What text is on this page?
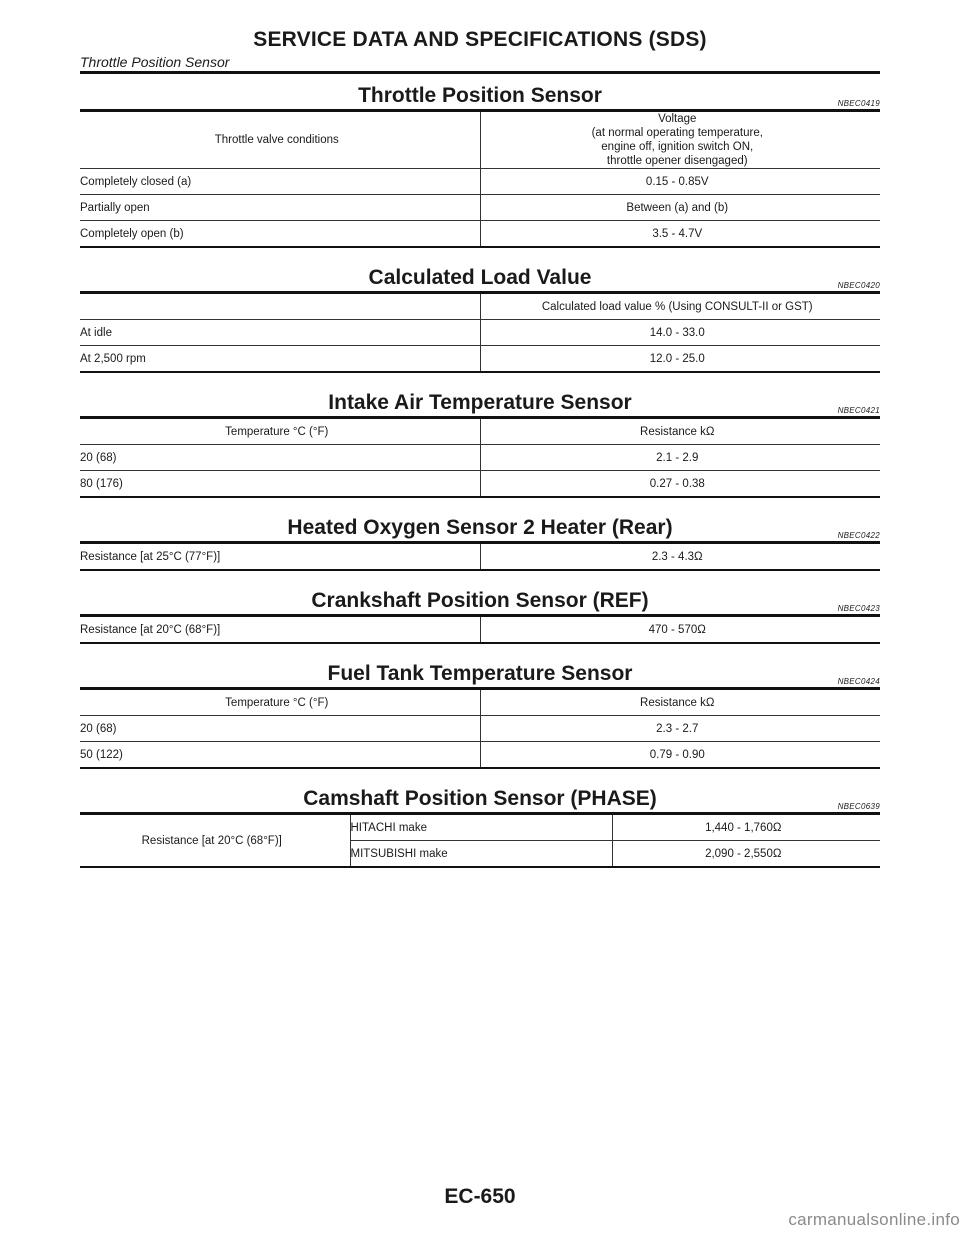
SERVICE DATA AND SPECIFICATIONS (SDS)
Throttle Position Sensor
Throttle Position Sensor	NBEC0419
Throttle valve conditions	Voltage
(at normal operating temperature,
engine off, ignition switch ON,
throttle opener disengaged)

Completely closed (a)	0.15 - 0.85V
Partially open	Between (a) and (b)
Completely open (b)	3.5 - 4.7V
Calculated Load Value	NBEC0420
	Calculated load value % (Using CONSULT-II or GST)
At idle	14.0 - 33.0
At 2,500 rpm	12.0 - 25.0
Intake Air Temperature Sensor	NBEC0421
Temperature °C (°F)	Resistance kΩ
20 (68)	2.1 - 2.9
80 (176)	0.27 - 0.38
Heated Oxygen Sensor 2 Heater (Rear)	NBEC0422
Resistance [at 25°C (77°F)]	2.3 - 4.3Ω
Crankshaft Position Sensor (REF)	NBEC0423
Resistance [at 20°C (68°F)]	470 - 570Ω
Fuel Tank Temperature Sensor	NBEC0424
Temperature °C (°F)	Resistance kΩ
20 (68)	2.3 - 2.7
50 (122)	0.79 - 0.90
Camshaft Position Sensor (PHASE)	NBEC0639
Resistance [at 20°C (68°F)]	HITACHI make	1,440 - 1,760Ω
	MITSUBISHI make	2,090 - 2,550Ω
EC-650
carmanualsonline.info
